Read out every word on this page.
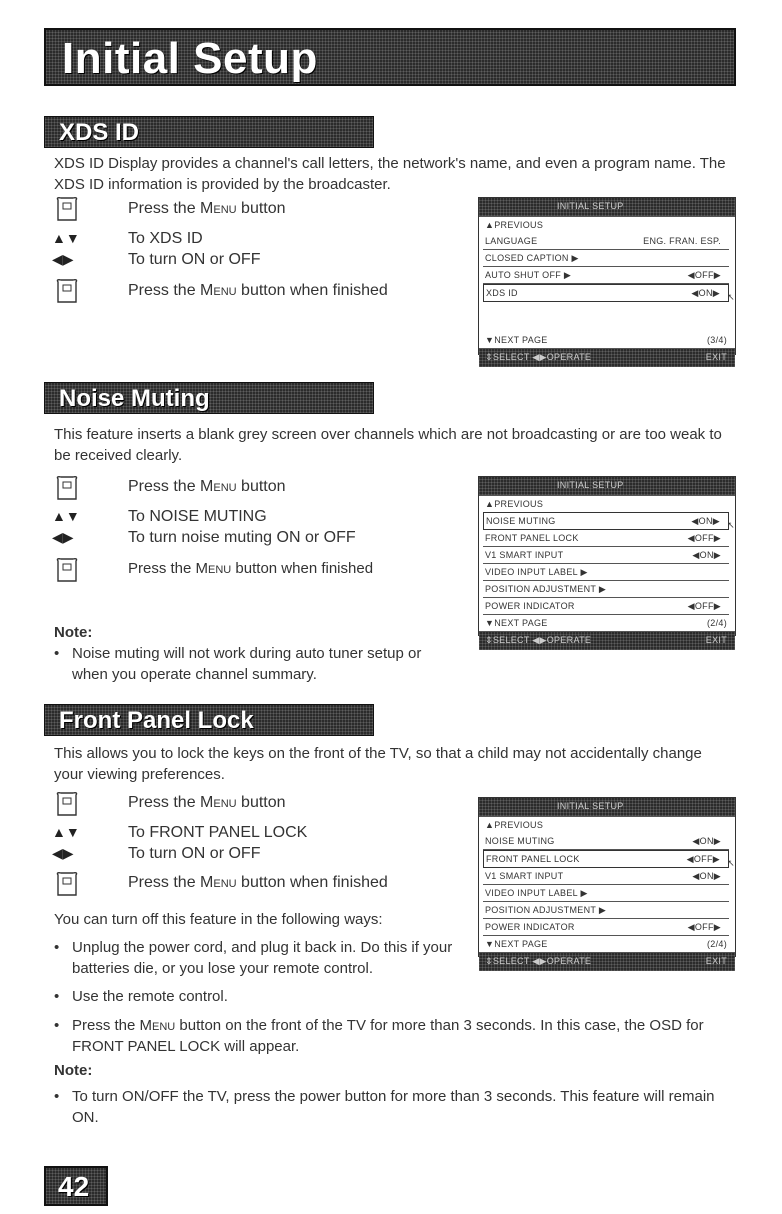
Initial Setup
XDS ID
XDS ID Display provides a channel's call letters, the network's name, and even a program name. The XDS ID information is provided by the broadcaster.
Press the Menu button
▲▼	To XDS ID
◀▶	To turn ON or OFF
Press the Menu button when finished
INITIAL SETUP
▲PREVIOUS
LANGUAGE	ENG. FRAN. ESP.
CLOSED CAPTION ▶
AUTO SHUT OFF ▶	◀OFF▶
XDS ID	◀ON▶ ↖
▼NEXT PAGE	(3/4)
⇕SELECT ◀▶OPERATE	EXIT
Noise Muting
This feature inserts a blank grey screen over channels which are not broadcasting or are too weak to be received clearly.
Press the Menu button
▲▼	To NOISE MUTING
◀▶	To turn noise muting ON or OFF
Press the Menu button when finished
Note:
• Noise muting will not work during auto tuner setup or when you operate channel summary.
INITIAL SETUP
▲PREVIOUS
NOISE MUTING	◀ON▶ ↖
FRONT PANEL LOCK	◀OFF▶
V1 SMART INPUT	◀ON▶
VIDEO INPUT LABEL ▶
POSITION ADJUSTMENT ▶
POWER INDICATOR	◀OFF▶
▼NEXT PAGE	(2/4)
⇕SELECT ◀▶OPERATE	EXIT
Front Panel Lock
This allows you to lock the keys on the front of the TV, so that a child may not accidentally change your viewing preferences.
Press the Menu button
▲▼	To FRONT PANEL LOCK
◀▶	To turn ON or OFF
Press the Menu button when finished
You can turn off this feature in the following ways:
• Unplug the power cord, and plug it back in. Do this if your batteries die, or you lose your remote control.
• Use the remote control.
• Press the Menu button on the front of the TV for more than 3 seconds. In this case, the OSD for FRONT PANEL LOCK will appear.
Note:
• To turn ON/OFF the TV, press the power button for more than 3 seconds. This feature will remain ON.
INITIAL SETUP
▲PREVIOUS
NOISE MUTING	◀ON▶
FRONT PANEL LOCK	◀OFF▶ ↖
V1 SMART INPUT	◀ON▶
VIDEO INPUT LABEL ▶
POSITION ADJUSTMENT ▶
POWER INDICATOR	◀OFF▶
▼NEXT PAGE	(2/4)
⇕SELECT ◀▶OPERATE	EXIT
42
